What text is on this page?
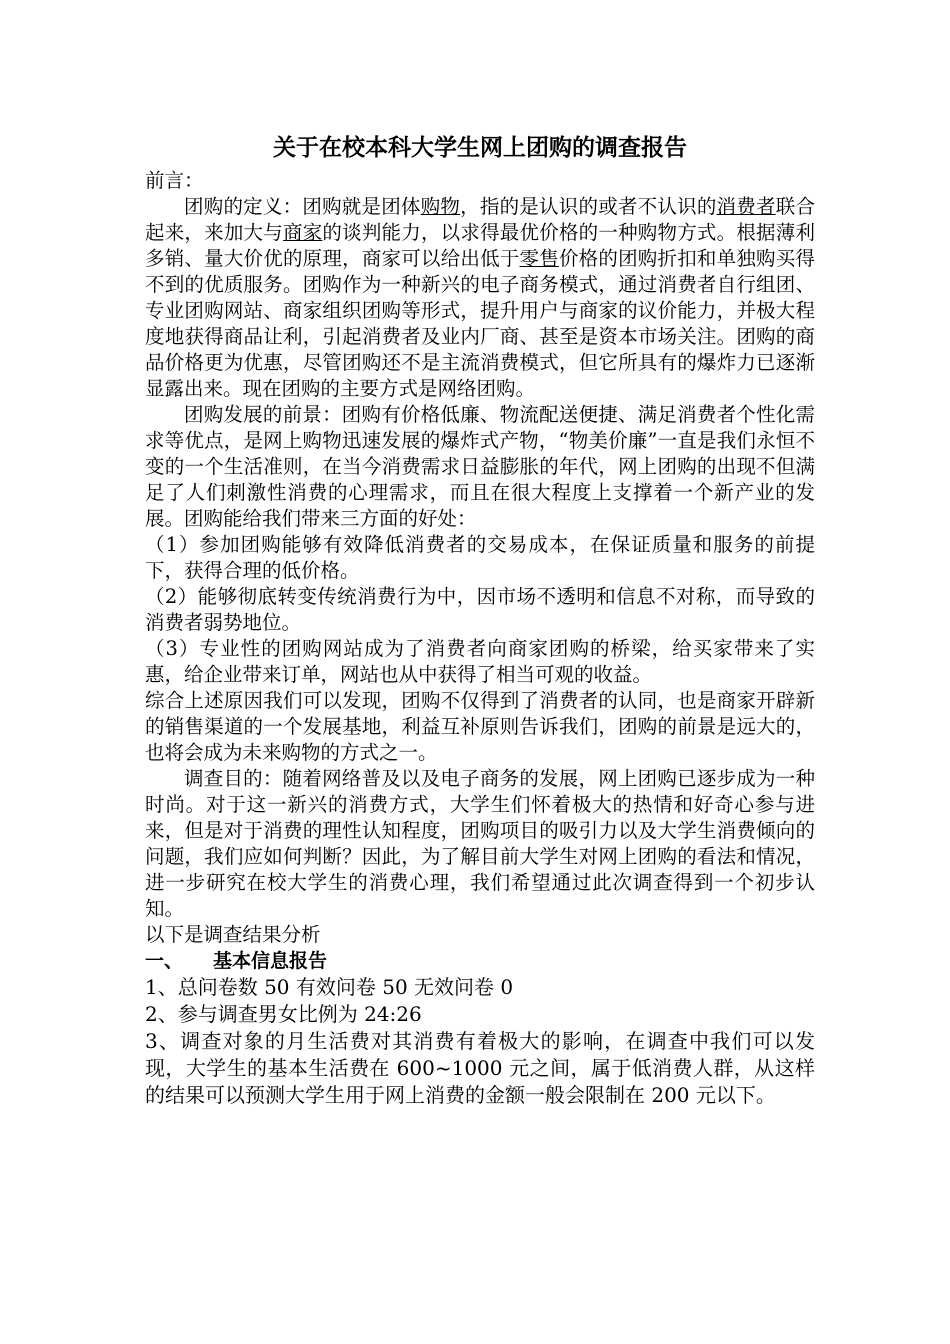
关于在校本科大学生网上团购的调查报告

前言：

团购的定义：团购就是团体购物，指的是认识的或者不认识的消费者联合起来，来加大与商家的谈判能力，以求得最优价格的一种购物方式。根据薄利多销、量大价优的原理，商家可以给出低于零售价格的团购折扣和单独购买得不到的优质服务。团购作为一种新兴的电子商务模式，通过消费者自行组团、专业团购网站、商家组织团购等形式，提升用户与商家的议价能力，并极大程度地获得商品让利，引起消费者及业内厂商、甚至是资本市场关注。团购的商品价格更为优惠，尽管团购还不是主流消费模式，但它所具有的爆炸力已逐渐显露出来。现在团购的主要方式是网络团购。

团购发展的前景：团购有价格低廉、物流配送便捷、满足消费者个性化需求等优点，是网上购物迅速发展的爆炸式产物，“物美价廉”一直是我们永恒不变的一个生活准则，在当今消费需求日益膨胀的年代，网上团购的出现不但满足了人们刺激性消费的心理需求，而且在很大程度上支撑着一个新产业的发展。团购能给我们带来三方面的好处：

（1）参加团购能够有效降低消费者的交易成本，在保证质量和服务的前提下，获得合理的低价格。

（2）能够彻底转变传统消费行为中，因市场不透明和信息不对称，而导致的消费者弱势地位。

（3）专业性的团购网站成为了消费者向商家团购的桥梁，给买家带来了实惠，给企业带来订单，网站也从中获得了相当可观的收益。

综合上述原因我们可以发现，团购不仅得到了消费者的认同，也是商家开辟新的销售渠道的一个发展基地，利益互补原则告诉我们，团购的前景是远大的，也将会成为未来购物的方式之一。

调查目的：随着网络普及以及电子商务的发展，网上团购已逐步成为一种时尚。对于这一新兴的消费方式，大学生们怀着极大的热情和好奇心参与进来，但是对于消费的理性认知程度，团购项目的吸引力以及大学生消费倾向的问题，我们应如何判断？因此，为了解目前大学生对网上团购的看法和情况，进一步研究在校大学生的消费心理，我们希望通过此次调查得到一个初步认知。

以下是调查结果分析

一、 基本信息报告

1、总问卷数 50 有效问卷 50 无效问卷 0

2、参与调查男女比例为 24:26

3、调查对象的月生活费对其消费有着极大的影响，在调查中我们可以发现，大学生的基本生活费在 600~1000 元之间，属于低消费人群，从这样的结果可以预测大学生用于网上消费的金额一般会限制在 200 元以下。
